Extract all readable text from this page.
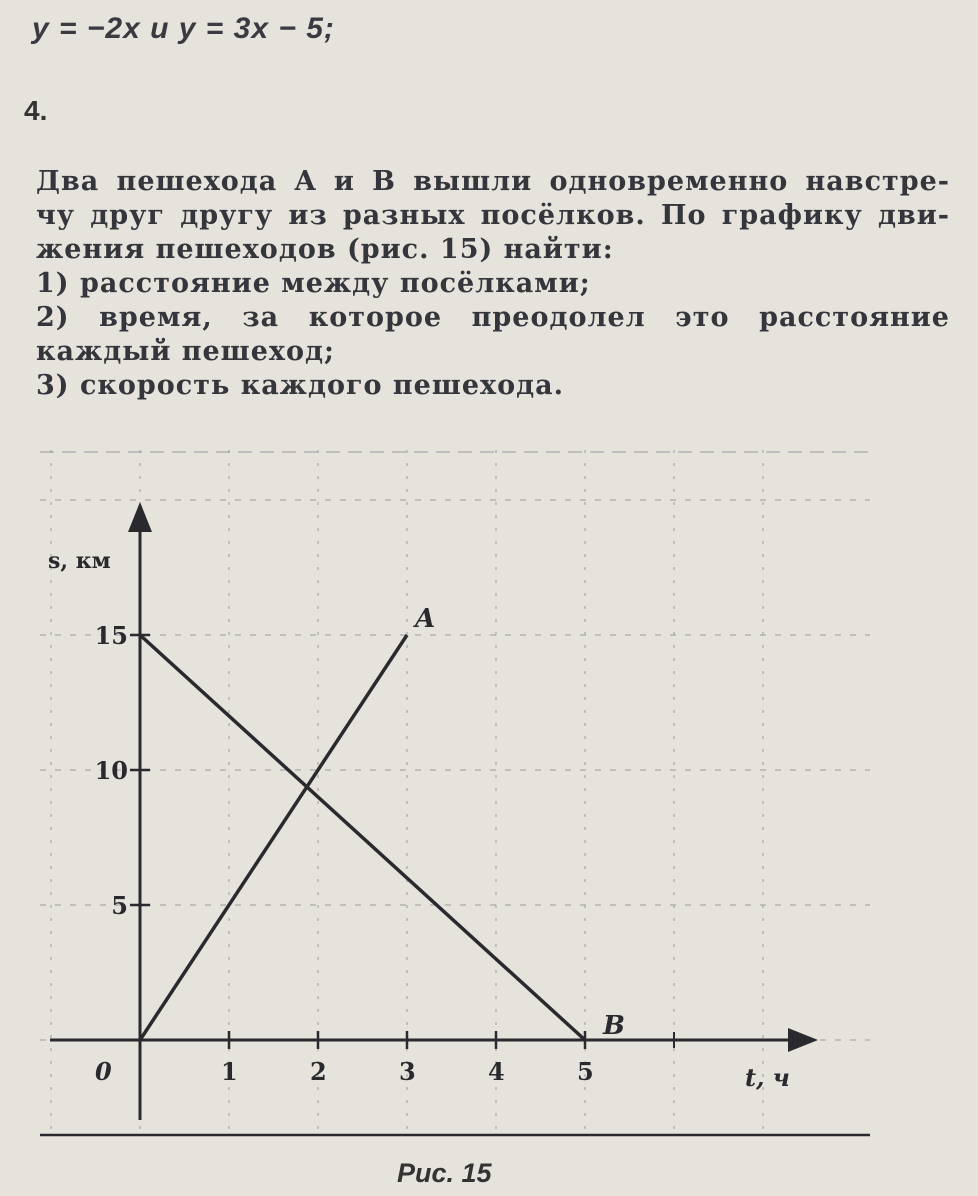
y = −2x и y = 3x − 5;
4.

Два пешехода A и B вышли одновременно навстре-

чу друг другу из разных посёлков. По графику дви-

жения пешеходов (рис. 15) найти:

1) расстояние между посёлками;

2) время, за которое преодолел это расстояние

каждый пешеход;

3) скорость каждого пешехода.

1	2	3	4	5
5
10
15
0
s, км
t, ч
A
B
Рис. 15
